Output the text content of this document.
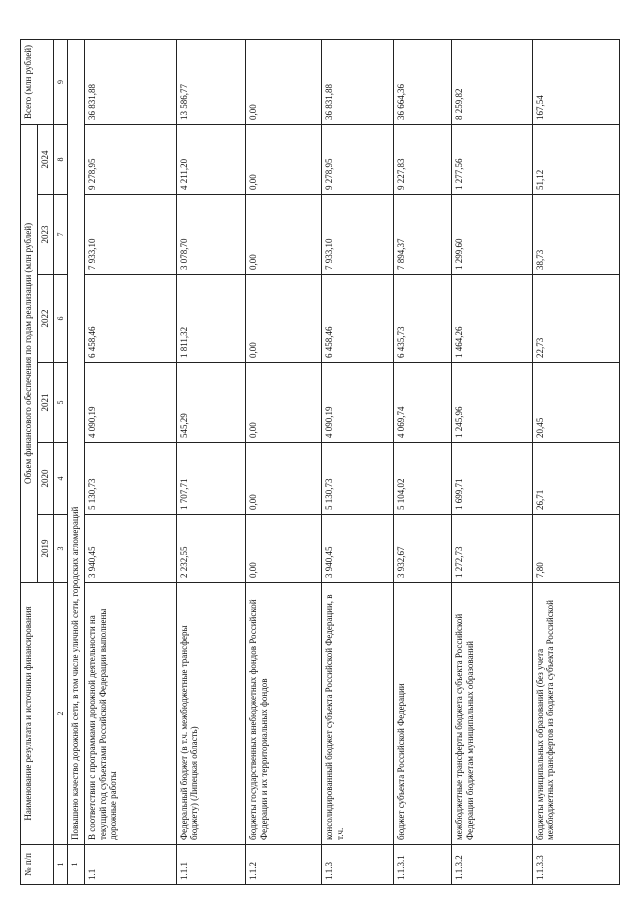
№ п/п	Наименование результата и источники финансирования	Объем финансового обеспечения по годам реализации (млн рублей)						Всего (млн рублей)
		2019	2020	2021	2022	2023	2024	
1	2	3	4	5	6	7	8	9
1	Повышено качество дорожной сети, в том числе уличной сети, городских агломераций							
1.1	В соответствии с программами дорожной деятельности на текущий год субъектами Российской Федерации выполнены дорожные работы	3 940,45	5 130,73	4 090,19	6 458,46	7 933,10	9 278,95	36 831,88
1.1.1	Федеральный бюджет (в т.ч. межбюджетные трансферы бюджету) (Липецкая область)	2 232,55	1 707,71	545,29	1 811,32	3 078,70	4 211,20	13 586,77
1.1.2	бюджеты государственных внебюджетных фондов Российской Федерации и их территориальных фондов	0,00	0,00	0,00	0,00	0,00	0,00	0,00
1.1.3	консолидированный бюджет субъекта Российской Федерации, в т.ч.	3 940,45	5 130,73	4 090,19	6 458,46	7 933,10	9 278,95	36 831,88
1.1.3.1	бюджет субъекта Российской Федерации	3 932,67	5 104,02	4 069,74	6 435,73	7 894,37	9 227,83	36 664,36
1.1.3.2	межбюджетные трансферты бюджета субъекта Российской Федерации бюджетам муниципальных образований	1 272,73	1 699,71	1 245,96	1 464,26	1 299,60	1 277,56	8 259,82
1.1.3.3	бюджеты муниципальных образований (без учета межбюджетных трансфертов из бюджета субъекта Российской	7,80	26,71	20,45	22,73	38,73	51,12	167,54
